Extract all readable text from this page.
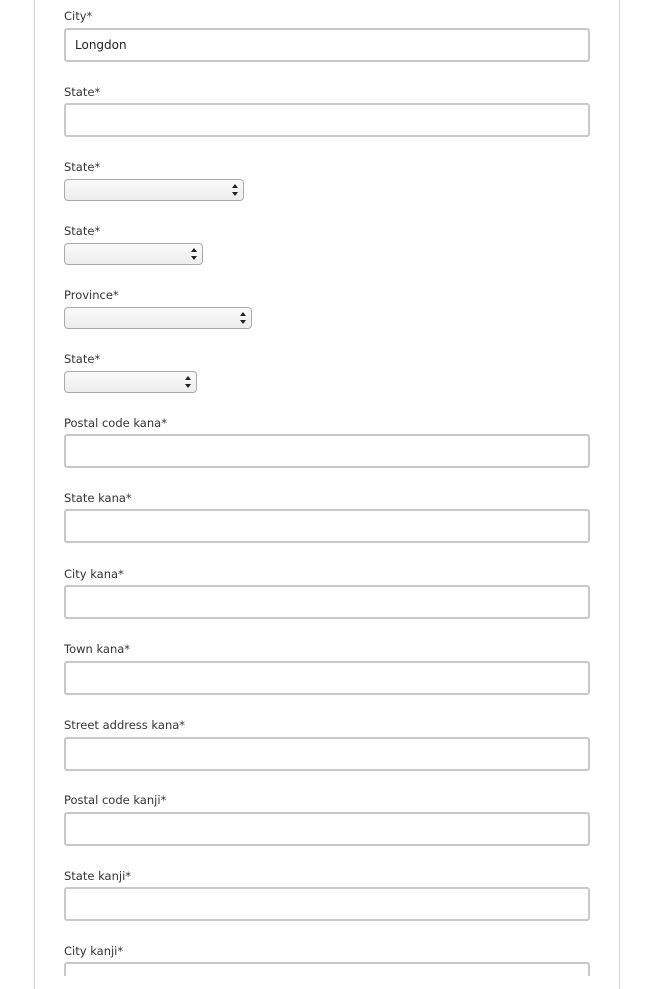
City*
Longdon
State*
State*
State*
Province*
State*
Postal code kana*
State kana*
City kana*
Town kana*
Street address kana*
Postal code kanji*
State kanji*
City kanji*
